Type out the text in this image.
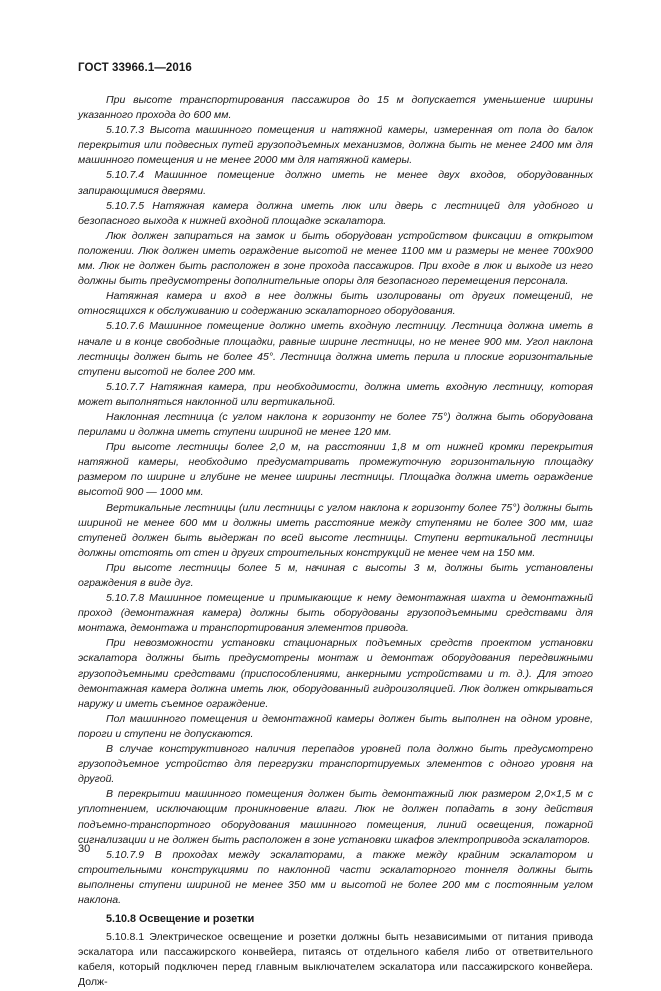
ГОСТ 33966.1—2016

При высоте транспортирования пассажиров до 15 м допускается уменьшение ширины указанного прохода до 600 мм.

5.10.7.3 Высота машинного помещения и натяжной камеры, измеренная от пола до балок перекрытия или подвесных путей грузоподъемных механизмов, должна быть не менее 2400 мм для машинного помещения и не менее 2000 мм для натяжной камеры.

5.10.7.4 Машинное помещение должно иметь не менее двух входов, оборудованных запирающимися дверями.

5.10.7.5 Натяжная камера должна иметь люк или дверь с лестницей для удобного и безопасного выхода к нижней входной площадке эскалатора.

Люк должен запираться на замок и быть оборудован устройством фиксации в открытом положении. Люк должен иметь ограждение высотой не менее 1100 мм и размеры не менее 700x900 мм. Люк не должен быть расположен в зоне прохода пассажиров. При входе в люк и выходе из него должны быть предусмотрены дополнительные опоры для безопасного перемещения персонала.

Натяжная камера и вход в нее должны быть изолированы от других помещений, не относящихся к обслуживанию и содержанию эскалаторного оборудования.

5.10.7.6 Машинное помещение должно иметь входную лестницу. Лестница должна иметь в начале и в конце свободные площадки, равные ширине лестницы, но не менее 900 мм. Угол наклона лестницы должен быть не более 45°. Лестница должна иметь перила и плоские горизонтальные ступени высотой не более 200 мм.

5.10.7.7 Натяжная камера, при необходимости, должна иметь входную лестницу, которая может выполняться наклонной или вертикальной.

Наклонная лестница (с углом наклона к горизонту не более 75°) должна быть оборудована перилами и должна иметь ступени шириной не менее 120 мм.

При высоте лестницы более 2,0 м, на расстоянии 1,8 м от нижней кромки перекрытия натяжной камеры, необходимо предусматривать промежуточную горизонтальную площадку размером по ширине и глубине не менее ширины лестницы. Площадка должна иметь ограждение высотой 900 — 1000 мм.

Вертикальные лестницы (или лестницы с углом наклона к горизонту более 75°) должны быть шириной не менее 600 мм и должны иметь расстояние между ступенями не более 300 мм, шаг ступеней должен быть выдержан по всей высоте лестницы. Ступени вертикальной лестницы должны отстоять от стен и других строительных конструкций не менее чем на 150 мм.

При высоте лестницы более 5 м, начиная с высоты 3 м, должны быть установлены ограждения в виде дуг.

5.10.7.8 Машинное помещение и примыкающие к нему демонтажная шахта и демонтажный проход (демонтажная камера) должны быть оборудованы грузоподъемными средствами для монтажа, демонтажа и транспортирования элементов привода.

При невозможности установки стационарных подъемных средств проектом установки эскалатора должны быть предусмотрены монтаж и демонтаж оборудования передвижными грузоподъемными средствами (приспособлениями, анкерными устройствами и т. д.). Для этого демонтажная камера должна иметь люк, оборудованный гидроизоляцией. Люк должен открываться наружу и иметь съемное ограждение.

Пол машинного помещения и демонтажной камеры должен быть выполнен на одном уровне, пороги и ступени не допускаются.

В случае конструктивного наличия перепадов уровней пола должно быть предусмотрено грузоподъемное устройство для перегрузки транспортируемых элементов с одного уровня на другой.

В перекрытии машинного помещения должен быть демонтажный люк размером 2,0×1,5 м с уплотнением, исключающим проникновение влаги. Люк не должен попадать в зону действия подъемно-транспортного оборудования машинного помещения, линий освещения, пожарной сигнализации и не должен быть расположен в зоне установки шкафов электропривода эскалаторов.

5.10.7.9 В проходах между эскалаторами, а также между крайним эскалатором и строительными конструкциями по наклонной части эскалаторного тоннеля должны быть выполнены ступени шириной не менее 350 мм и высотой не более 200 мм с постоянным углом наклона.

5.10.8 Освещение и розетки

5.10.8.1 Электрическое освещение и розетки должны быть независимыми от питания привода эскалатора или пассажирского конвейера, питаясь от отдельного кабеля либо от ответвительного кабеля, который подключен перед главным выключателем эскалатора или пассажирского конвейера. Долж-

30
